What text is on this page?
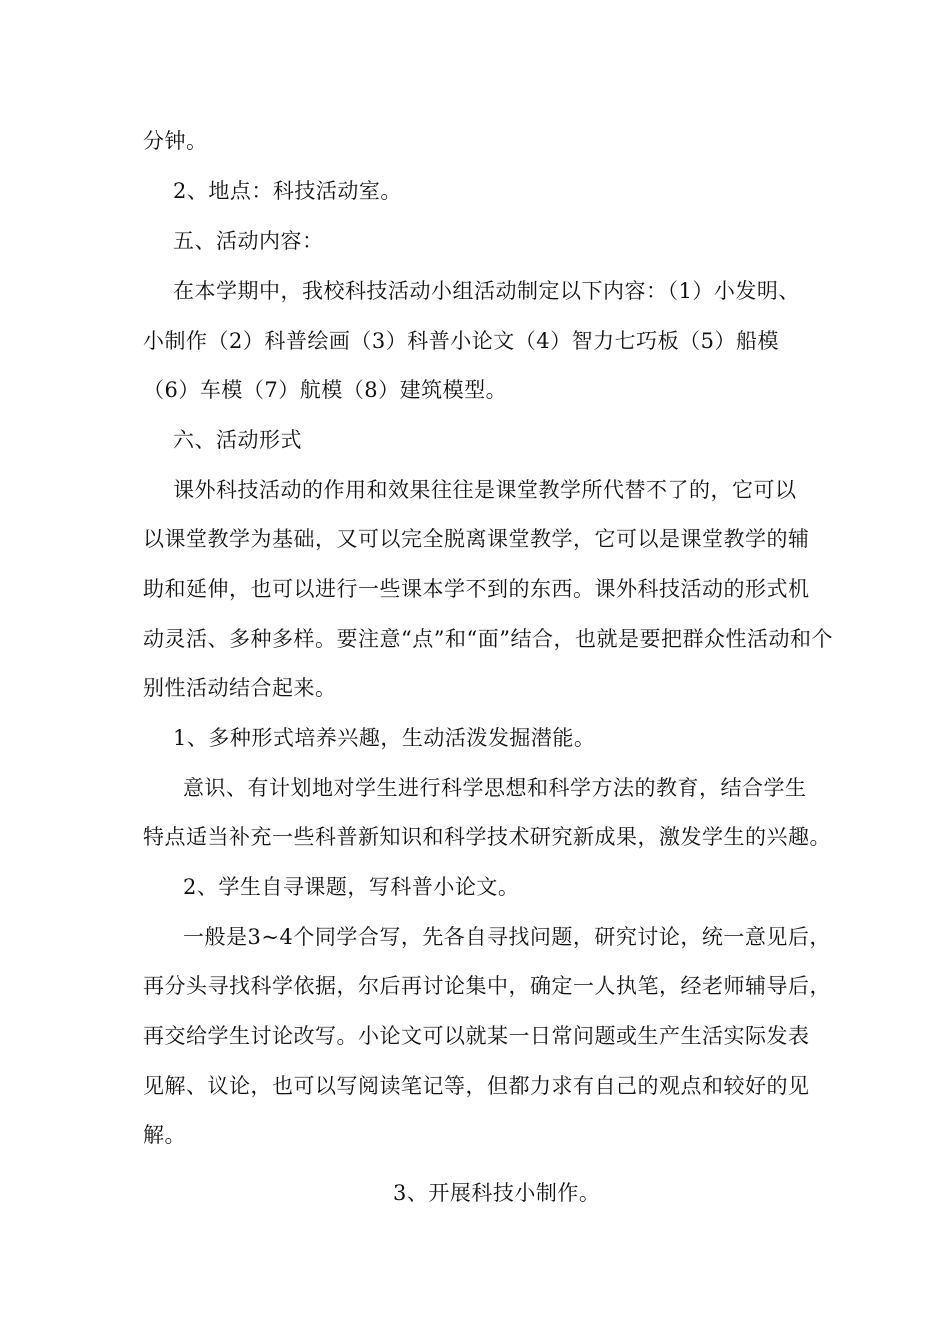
分钟。
2、地点：科技活动室。
五、活动内容：
在本学期中，我校科技活动小组活动制定以下内容：（1）小发明、
小制作（2）科普绘画（3）科普小论文（4）智力七巧板（5）船模
（6）车模（7）航模（8）建筑模型。
六、活动形式
课外科技活动的作用和效果往往是课堂教学所代替不了的，它可以
以课堂教学为基础，又可以完全脱离课堂教学，它可以是课堂教学的辅
助和延伸，也可以进行一些课本学不到的东西。课外科技活动的形式机
动灵活、多种多样。要注意“点”和“面”结合，也就是要把群众性活动和个
别性活动结合起来。
1、多种形式培养兴趣，生动活泼发掘潜能。
意识、有计划地对学生进行科学思想和科学方法的教育，结合学生
特点适当补充一些科普新知识和科学技术研究新成果，激发学生的兴趣。
2、学生自寻课题，写科普小论文。
一般是3~4个同学合写，先各自寻找问题，研究讨论，统一意见后，
再分头寻找科学依据，尔后再讨论集中，确定一人执笔，经老师辅导后，
再交给学生讨论改写。小论文可以就某一日常问题或生产生活实际发表
见解、议论，也可以写阅读笔记等，但都力求有自己的观点和较好的见
解。
3、开展科技小制作。
